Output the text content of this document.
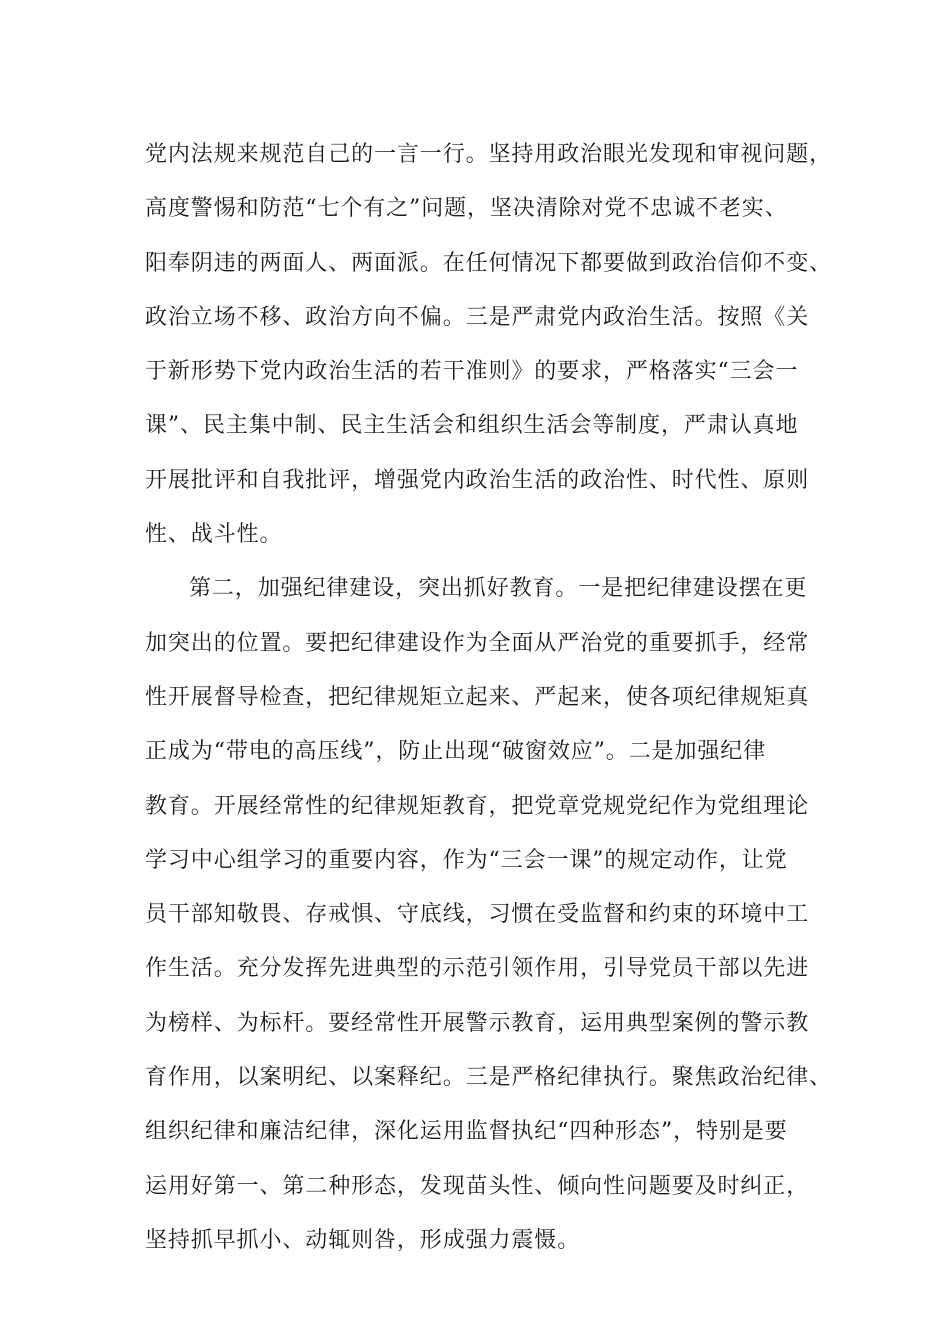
党内法规来规范自己的一言一行。坚持用政治眼光发现和审视问题，
高度警惕和防范“七个有之”问题，坚决清除对党不忠诚不老实、
阳奉阴违的两面人、两面派。在任何情况下都要做到政治信仰不变、
政治立场不移、政治方向不偏。三是严肃党内政治生活。按照《关
于新形势下党内政治生活的若干准则》的要求，严格落实“三会一
课”、民主集中制、民主生活会和组织生活会等制度，严肃认真地
开展批评和自我批评，增强党内政治生活的政治性、时代性、原则
性、战斗性。
第二，加强纪律建设，突出抓好教育。一是把纪律建设摆在更
加突出的位置。要把纪律建设作为全面从严治党的重要抓手，经常
性开展督导检查，把纪律规矩立起来、严起来，使各项纪律规矩真
正成为“带电的高压线”，防止出现“破窗效应”。二是加强纪律
教育。开展经常性的纪律规矩教育，把党章党规党纪作为党组理论
学习中心组学习的重要内容，作为“三会一课”的规定动作，让党
员干部知敬畏、存戒惧、守底线，习惯在受监督和约束的环境中工
作生活。充分发挥先进典型的示范引领作用，引导党员干部以先进
为榜样、为标杆。要经常性开展警示教育，运用典型案例的警示教
育作用，以案明纪、以案释纪。三是严格纪律执行。聚焦政治纪律、
组织纪律和廉洁纪律，深化运用监督执纪“四种形态”，特别是要
运用好第一、第二种形态，发现苗头性、倾向性问题要及时纠正，
坚持抓早抓小、动辄则咎，形成强力震慑。
